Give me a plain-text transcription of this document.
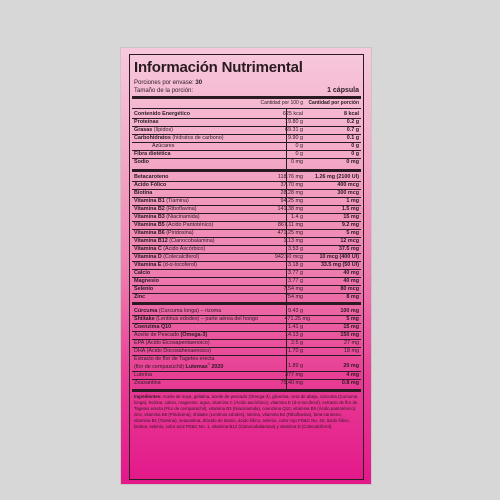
Información Nutrimental
Porciones por envase: 30
Tamaño de la porción:	1 cápsula
Cantidad por 100 g	Cantidad por porción
Contenido Energético	625 kcal	8 kcal
Proteínas	19.80 g	0.2 g
Grasas (lípidos)	69.31 g	0.7 g
Carbohidratos (hidratos de carbono)	9.90 g	0.1 g
Azúcares	0 g	0 g
Fibra dietética	0 g	0 g
Sodio	0 mg	0 mg
Betacaroteno	118.76 mg	1.26 mg (2100 UI)
Ácido Fólico	37.70 mg	400 mcg
Biotina	28.28 mg	300 mcg
Vitamina B1 (Tiamina)	94.25 mg	1 mg
Vitamina B2 (Riboflavina)	141.38 mg	1.5 mg
Vitamina B3 (Niacinamida)	1.4 g	15 mg
Vitamina B5 (Ácido Pantoténico)	867.11 mg	9.2 mg
Vitamina B6 (Piridoxina)	471.25 mg	5 mg
Vitamina B12 (Cianocobalamina)	1.13 mg	12 mcg
Vitamina C (Ácido Ascórbico)	3.53 g	37.5 mg
Vitamina D (Colecalciferol)	942.50 mcg	10 mcg (400 UI)
Vitamina E (d-α-tocoferol)	3.18 g	33.5 mg (50 UI)
Calcio	3.77 g	40 mg
Magnesio	3.77 g	40 mg
Selenio	7.54 mg	80 mcg
Zinc	754 mg	8 mg
Cúrcuma (Curcuma longa) – rizoma	9.43 g	100 mg
Shiitake (Lentinus edodes) – parte aérea del hongo	471.25 mg	5 mg
Coenzima Q10	1.41 g	15 mg
Aceite de Pescado (Omega-3)	14.13 g	150 mg
EPA (Ácido Eicosapentaenoico)	2.5 g	27 mg
DHA (Ácido Docosahexaenoico)	1.70 g	18 mg
Extracto de flor de Tagetes erecta
(flor de cempasúchil) Lutemax® 2020	1.89 g	20 mg
Luteína	377 mg	4 mg
Zeaxantina	75.40 mg	0.8 mg
Ingredientes: Aceite de soya, gelatina, aceite de pescado (Omega-3), glicerina, cera de abeja, cúrcuma (Curcuma longa), lecitina, calcio, magnesio, agua, vitamina C (Ácido ascórbico), vitamina E (d-α-tocoferol), extracto de flor de Tagetes erecta (Flor de cempasúchil), vitamina B3 (Niacinamida), coenzima Q10, vitamina B5 (Ácido pantoténico), zinc, vitamina B6 (Piridoxina), shiitake (Lentinus edodes), luteína, vitamina B2 (Riboflavina), beta-caroteno, vitamina B1 (Tiamina), zeaxantina, dióxido de titanio, ácido fólico, selenio, color rojo FD&C No. 40, ácido fólico, biotina, selenio, color azul FD&C No. 1, vitamina B12 (Cianocobalamina) y vitamina D (Colecalciferol).
